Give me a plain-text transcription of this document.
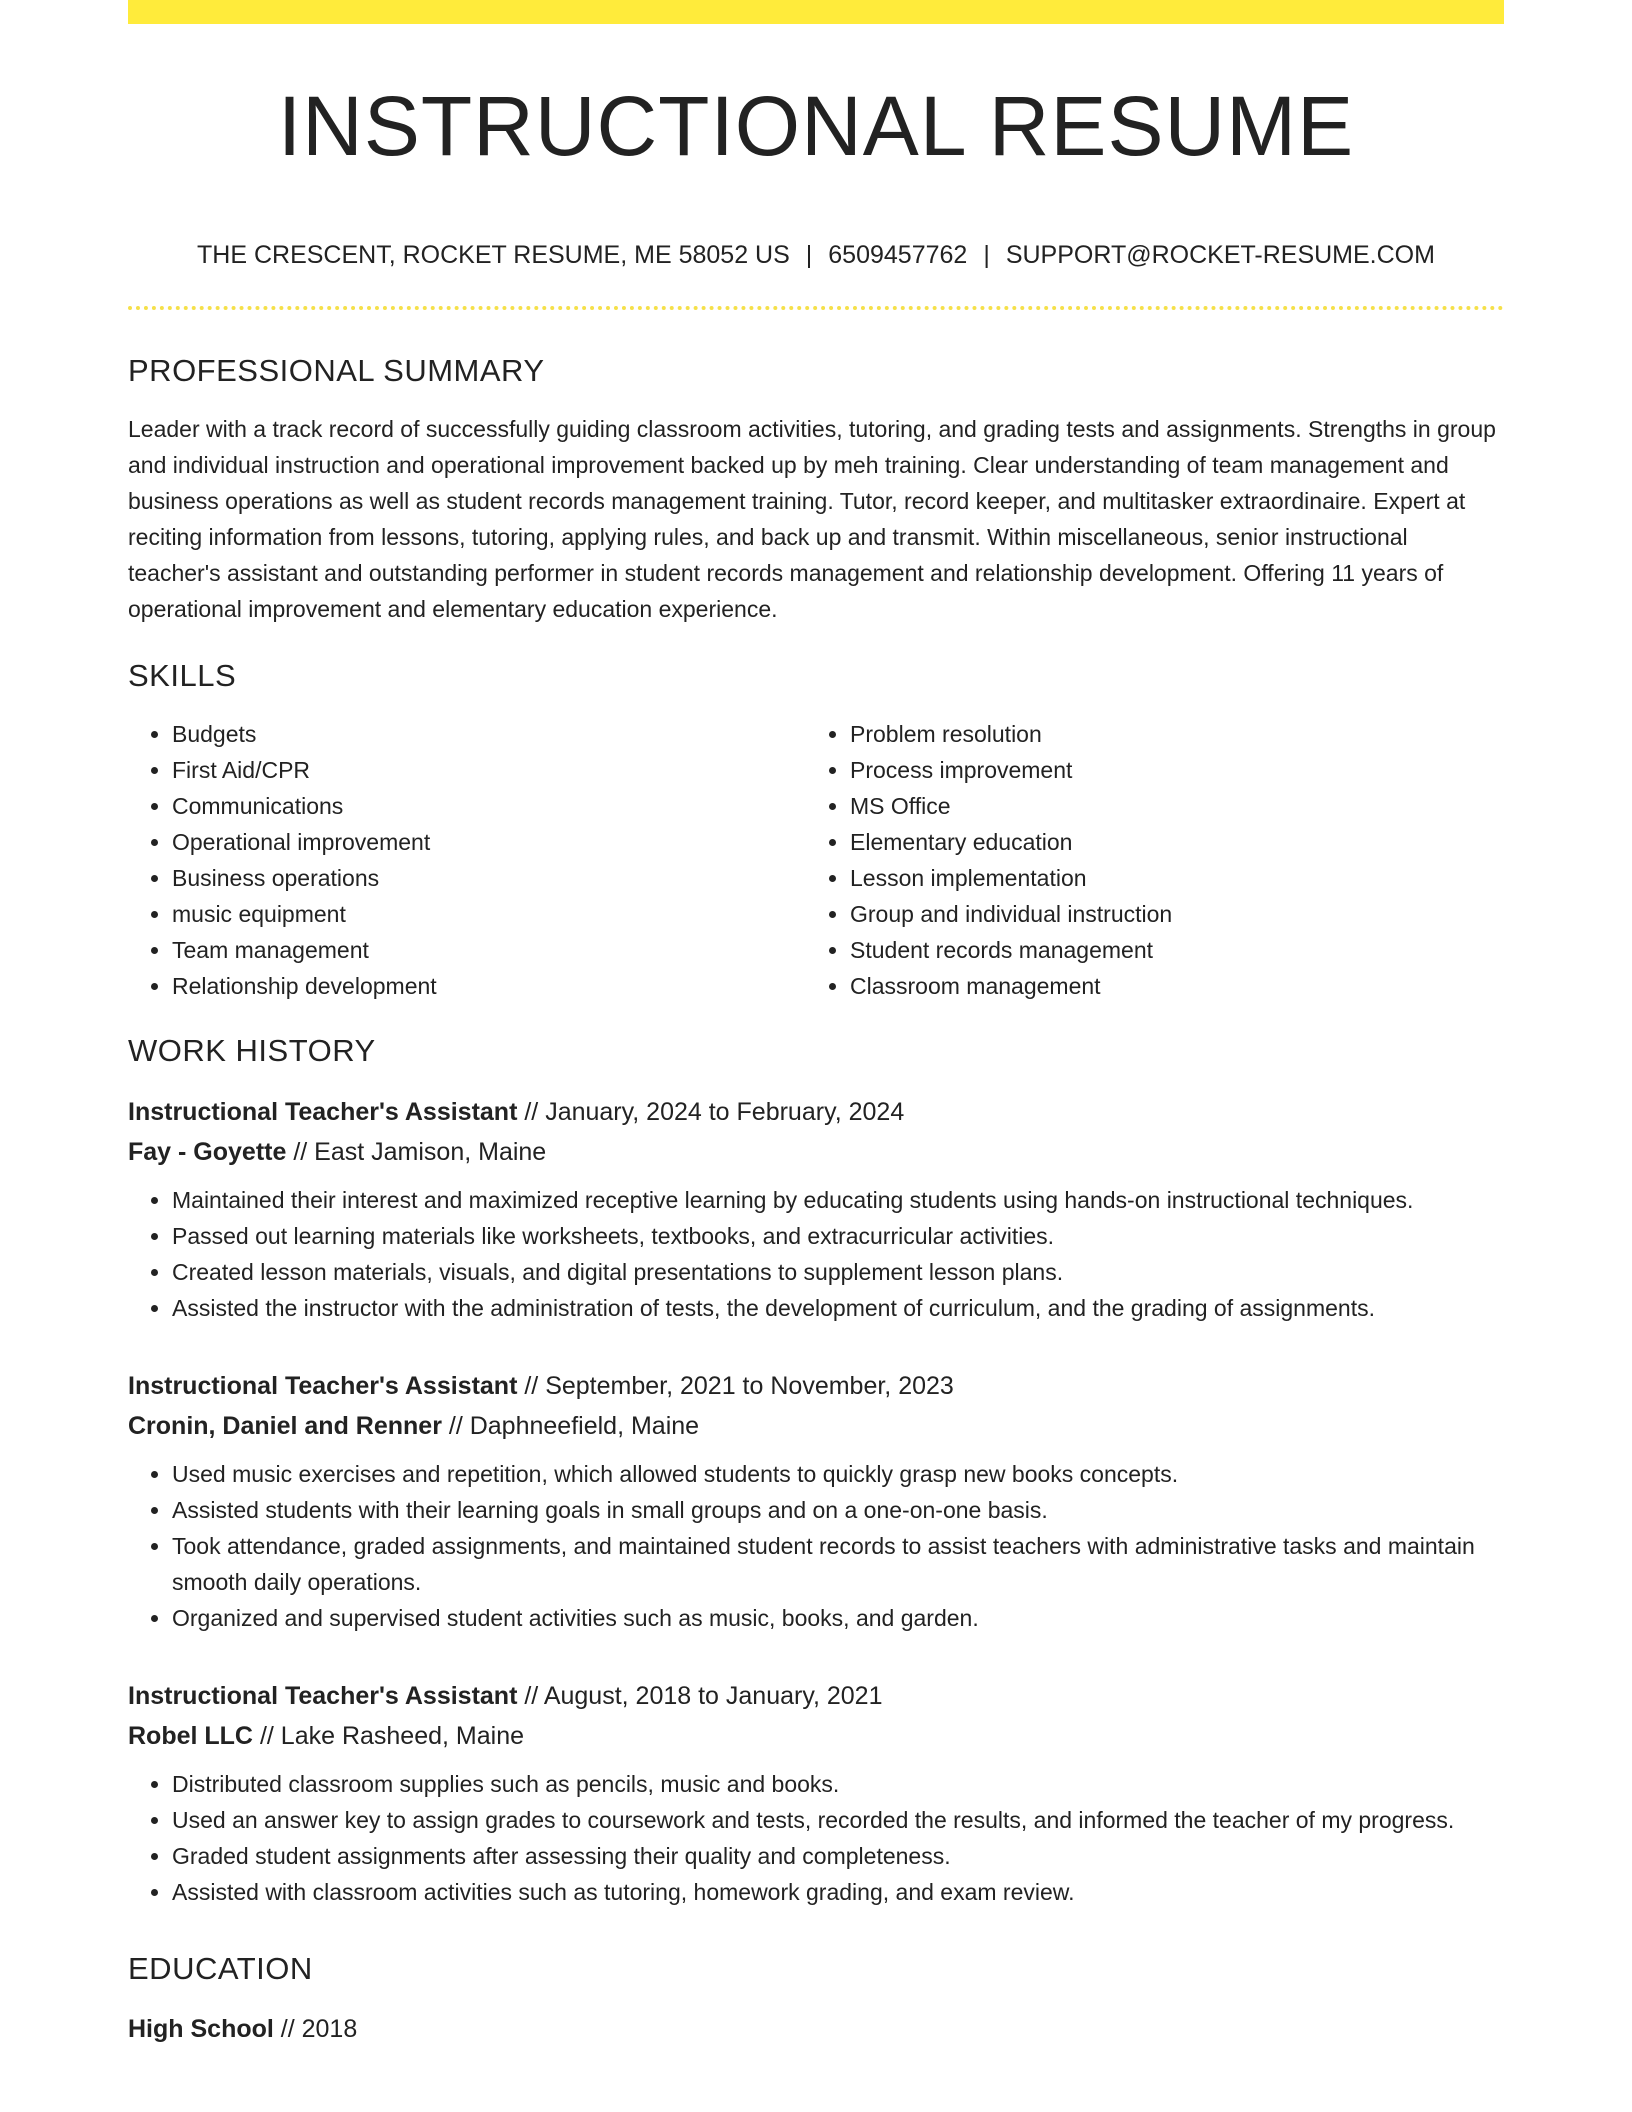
INSTRUCTIONAL RESUME
THE CRESCENT, ROCKET RESUME, ME 58052 US | 6509457762 | SUPPORT@ROCKET-RESUME.COM
PROFESSIONAL SUMMARY

Leader with a track record of successfully guiding classroom activities, tutoring, and grading tests and assignments. Strengths in group and individual instruction and operational improvement backed up by meh training. Clear understanding of team management and business operations as well as student records management training. Tutor, record keeper, and multitasker extraordinaire. Expert at reciting information from lessons, tutoring, applying rules, and back up and transmit. Within miscellaneous, senior instructional teacher's assistant and outstanding performer in student records management and relationship development. Offering 11 years of operational improvement and elementary education experience.

SKILLS
• Budgets
• First Aid/CPR
• Communications
• Operational improvement
• Business operations
• music equipment
• Team management
• Relationship development
• Problem resolution
• Process improvement
• MS Office
• Elementary education
• Lesson implementation
• Group and individual instruction
• Student records management
• Classroom management
WORK HISTORY

Instructional Teacher's Assistant // January, 2024 to February, 2024

Fay - Goyette // East Jamison, Maine

• Maintained their interest and maximized receptive learning by educating students using hands-on instructional techniques.
• Passed out learning materials like worksheets, textbooks, and extracurricular activities.
• Created lesson materials, visuals, and digital presentations to supplement lesson plans.
• Assisted the instructor with the administration of tests, the development of curriculum, and the grading of assignments.

Instructional Teacher's Assistant // September, 2021 to November, 2023

Cronin, Daniel and Renner // Daphneefield, Maine

• Used music exercises and repetition, which allowed students to quickly grasp new books concepts.
• Assisted students with their learning goals in small groups and on a one-on-one basis.
• Took attendance, graded assignments, and maintained student records to assist teachers with administrative tasks and maintain smooth daily operations.
• Organized and supervised student activities such as music, books, and garden.

Instructional Teacher's Assistant // August, 2018 to January, 2021

Robel LLC // Lake Rasheed, Maine

• Distributed classroom supplies such as pencils, music and books.
• Used an answer key to assign grades to coursework and tests, recorded the results, and informed the teacher of my progress.
• Graded student assignments after assessing their quality and completeness.
• Assisted with classroom activities such as tutoring, homework grading, and exam review.
EDUCATION

High School // 2018
